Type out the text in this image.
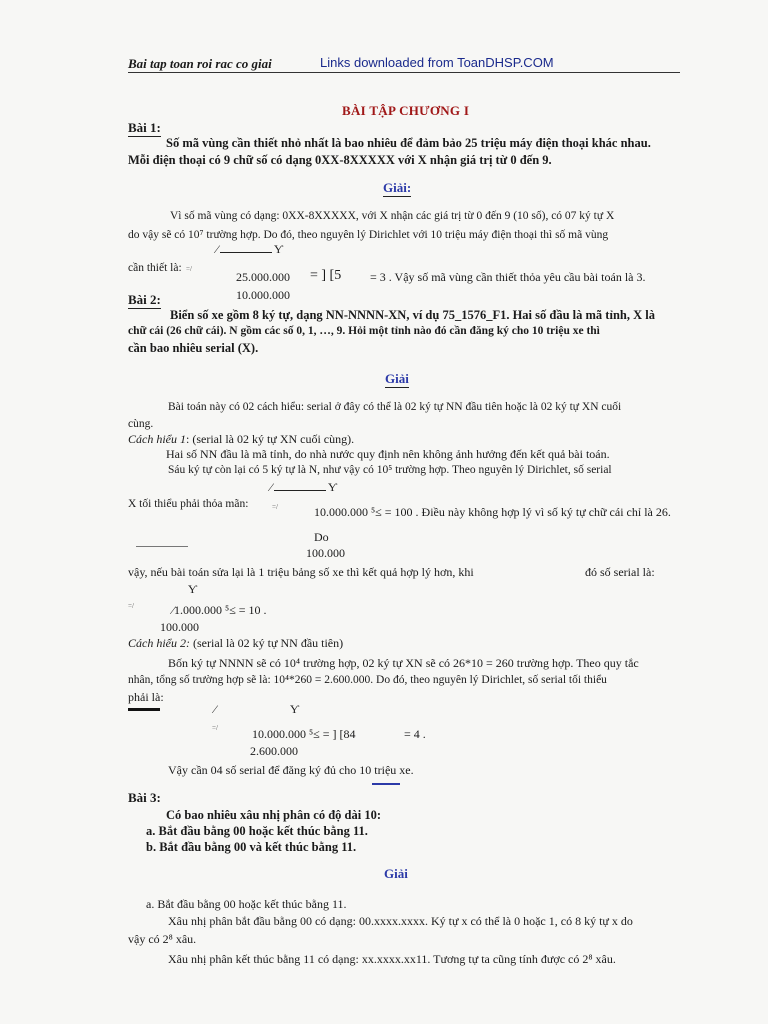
Bai tap toan roi rac co giai	Links downloaded from ToanDHSP.COM
BÀI TẬP CHƯƠNG I
Bài 1:
Số mã vùng cần thiết nhỏ nhất là bao nhiêu để đảm bảo 25 triệu máy điện thoại khác nhau.
Mỗi điện thoại có 9 chữ số có dạng 0XX-8XXXXX với X nhận giá trị từ 0 đến 9.
Giải:
Vì số mã vùng có dạng: 0XX-8XXXXX, với X nhận các giá trị từ 0 đến 9 (10 số), có 07 ký tự X
do vậy sẽ có 10⁷ trường hợp. Do đó, theo nguyên lý Dirichlet với 10 triệu máy điện thoại thì số mã vùng
⁄	Ƴ
cần thiết là: =/
25.000.000 = ] [5 = 3 . Vậy số mã vùng cần thiết thỏa yêu cầu bài toán là 3.
10.000.000
Bài 2:
Biển số xe gồm 8 ký tự, dạng NN-NNNN-XN, ví dụ 75_1576_F1. Hai số đầu là mã tỉnh, X là
chữ cái (26 chữ cái). N gồm các số 0, 1, …, 9. Hỏi một tỉnh nào đó cần đăng ký cho 10 triệu xe thì
cần bao nhiêu serial (X).
Giải
Bài toán này có 02 cách hiểu: serial ở đây có thể là 02 ký tự NN đầu tiên hoặc là 02 ký tự XN cuối
cùng.
Cách hiểu 1: (serial là 02 ký tự XN cuối cùng).
Hai số NN đầu là mã tỉnh, do nhà nước quy định nên không ảnh hưởng đến kết quả bài toán.
Sáu ký tự còn lại có 5 ký tự là N, như vậy có 10⁵ trường hợp. Theo nguyên lý Dirichlet, số serial
⁄	Ƴ
X tối thiểu phải thỏa mãn:	=/	10.000.000 ⁵≤ = 100 . Điều này không hợp lý vì số ký tự chữ cái chỉ là 26.
Do
100.000
vậy, nếu bài toán sửa lại là 1 triệu bảng số xe thì kết quả hợp lý hơn, khi	đó số serial là:
Ƴ
=/	⁄1.000.000 ⁵≤ = 10 .
100.000
Cách hiểu 2: (serial là 02 ký tự NN đầu tiên)
Bốn ký tự NNNN sẽ có 10⁴ trường hợp, 02 ký tự XN sẽ có 26*10 = 260 trường hợp. Theo quy tắc
nhân, tổng số trường hợp sẽ là: 10⁴*260 = 2.600.000. Do đó, theo nguyên lý Dirichlet, số serial tối thiểu
phải là:
⁄	Ƴ
=/	10.000.000 ⁵≤ = ] [84	= 4 .
2.600.000
Vậy cần 04 số serial để đăng ký đủ cho 10 triệu xe.
Bài 3:
Có bao nhiêu xâu nhị phân có độ dài 10:
a. Bắt đầu bằng 00 hoặc kết thúc bằng 11.
b. Bắt đầu bằng 00 và kết thúc bằng 11.
Giải
a. Bắt đầu bằng 00 hoặc kết thúc bằng 11.
Xâu nhị phân bắt đầu bằng 00 có dạng: 00.xxxx.xxxx. Ký tự x có thể là 0 hoặc 1, có 8 ký tự x do
vậy có 2⁸ xâu.
Xâu nhị phân kết thúc bằng 11 có dạng: xx.xxxx.xx11. Tương tự ta cũng tính được có 2⁸ xâu.
